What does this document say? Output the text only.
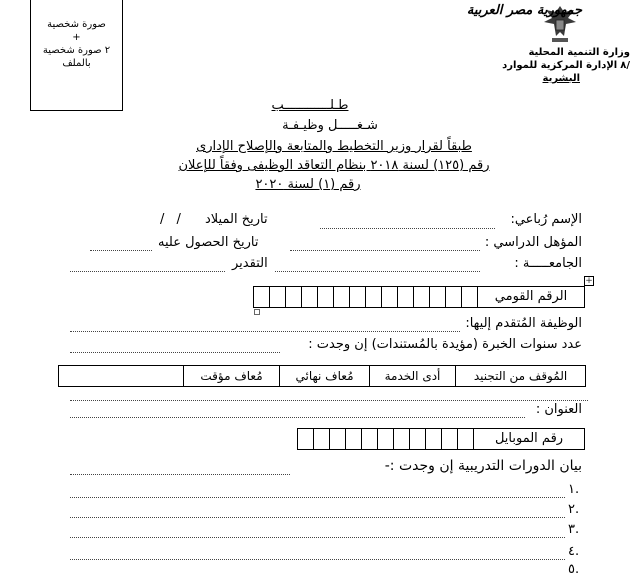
صورة شخصية
+
٢ صورة شخصية
بالملف
جمهورية مصر العربية
وزارة التنمية المحلية
/٨
الإدارة المركزية للموارد
البشرية
طـلــــــــــــب
شـغـــــل وظيـفـة
طبقاً لقرار وزير التخطيط والمتابعة والإصلاح الإدارى
رقم (١٢٥) لسنة ٢٠١٨ بنظام التعاقد الوظيفى وفقاً للإعلان
رقم (١) لسنة ٢٠٢٠
الإسم رُباعي:
تاريخ الميلاد
/ /
المؤهل الدراسي :
تاريخ الحصول عليه
الجامعـــــة :
التقدير
+
الرقم القومي
الوظيفة المُتقدم إليها:
عدد سنوات الخبرة (مؤيدة بالمُستندات) إن وجدت :
المُوقف من التجنيد
أدى الخدمة
مُعاف نهائي
مُعاف مؤقت
العنوان :
رقم الموبايل
بيان الدورات التدريبية إن وجدت :-
١.
٢.
٣.
٤.
٥.
